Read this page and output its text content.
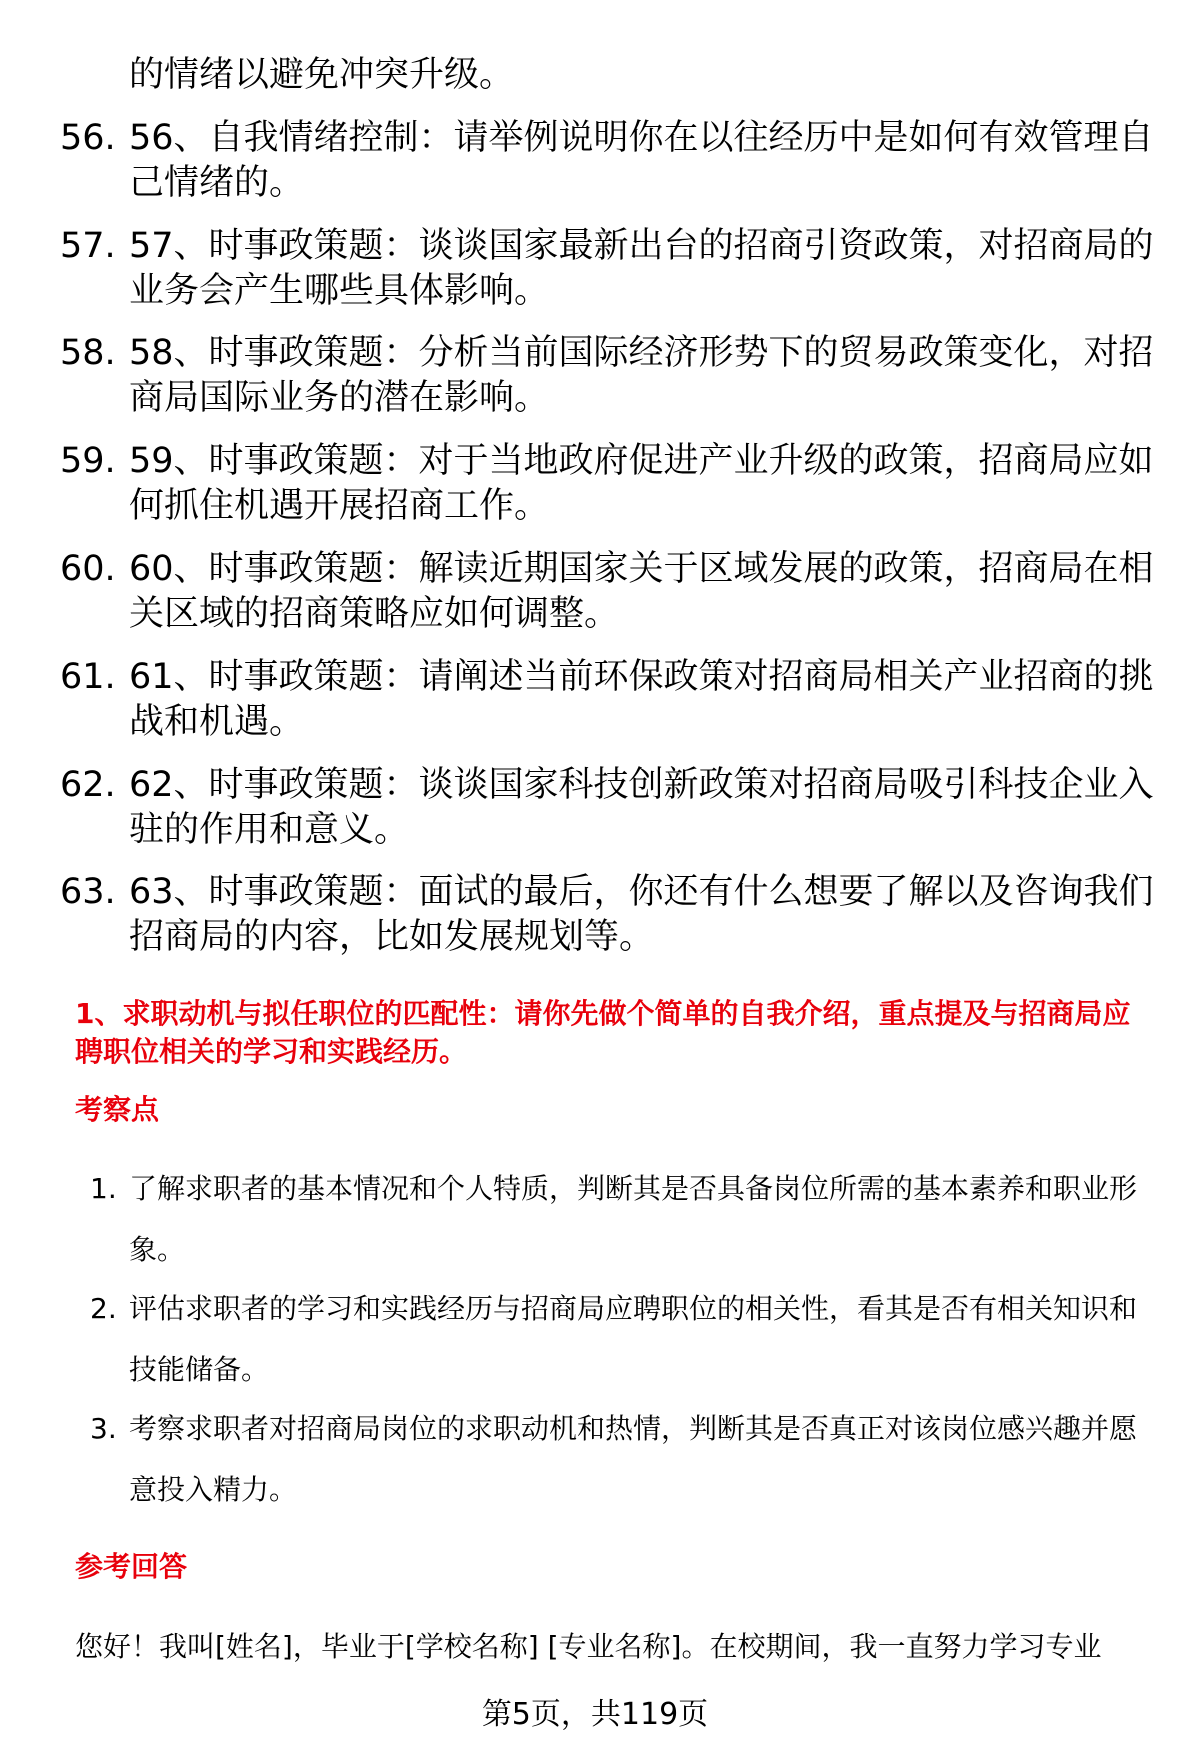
的情绪以避免冲突升级。
56. 56、自我情绪控制：请举例说明你在以往经历中是如何有效管理自己情绪的。
57. 57、时事政策题：谈谈国家最新出台的招商引资政策，对招商局的业务会产生哪些具体影响。
58. 58、时事政策题：分析当前国际经济形势下的贸易政策变化，对招商局国际业务的潜在影响。
59. 59、时事政策题：对于当地政府促进产业升级的政策，招商局应如何抓住机遇开展招商工作。
60. 60、时事政策题：解读近期国家关于区域发展的政策，招商局在相关区域的招商策略应如何调整。
61. 61、时事政策题：请阐述当前环保政策对招商局相关产业招商的挑战和机遇。
62. 62、时事政策题：谈谈国家科技创新政策对招商局吸引科技企业入驻的作用和意义。
63. 63、时事政策题：面试的最后，你还有什么想要了解以及咨询我们招商局的内容，比如发展规划等。
1、求职动机与拟任职位的匹配性：请你先做个简单的自我介绍，重点提及与招商局应聘职位相关的学习和实践经历。
考察点
1. 了解求职者的基本情况和个人特质，判断其是否具备岗位所需的基本素养和职业形象。
2. 评估求职者的学习和实践经历与招商局应聘职位的相关性，看其是否有相关知识和技能储备。
3. 考察求职者对招商局岗位的求职动机和热情，判断其是否真正对该岗位感兴趣并愿意投入精力。
参考回答
您好！我叫[姓名]，毕业于[学校名称] [专业名称]。在校期间，我一直努力学习专业
第5页，共119页
